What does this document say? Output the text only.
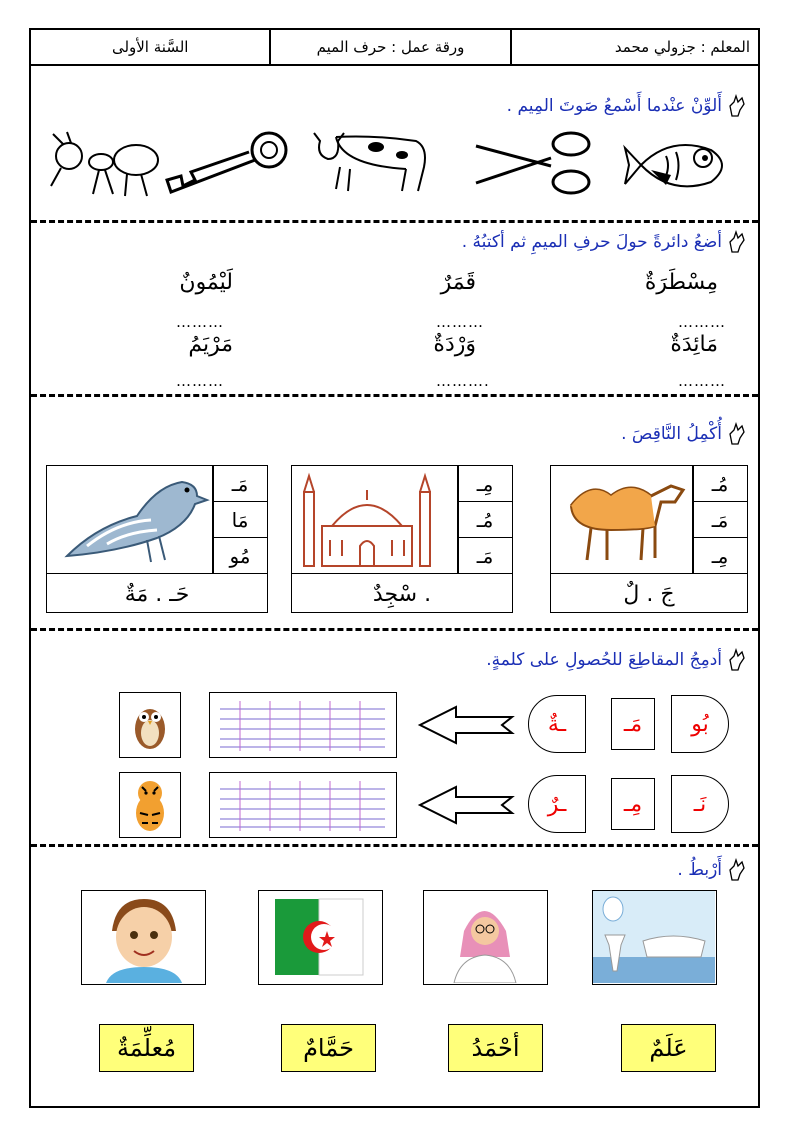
المعلم : جزولي محمد
ورقة عمل : حرف الميم
السَّنة الأولى
أَلوِّنْ عنْدما أَسْمعُ صَوتَ المِيم .
أضعُ دائرةً حولَ حرفِ الميمِ ثم أكتبُهُ .
مِسْطَرَةٌ
قَمَرٌ
لَيْمُونٌ
………
………
………
مَائِدَةٌ
وَرْدَةٌ
مَرْيَمُ
………
……….
………
أُكْمِلُ النَّاقِصَ .
مُـ
مَـ
مِـ
جَ . لٌ
مِـ
مُـ
مَـ
. سْجِدٌ
مَـ
مَا
مُو
حَـ . مَةٌ
أدمِجُ المقاطِعَ للحُصولِ على كلمةٍ.
بُو
مَـ
ـةٌ
نَـ
مِـ
ـرٌ
أَرْبطُ .
عَلَمٌ
أحْمَدُ
حَمَّامٌ
مُعلِّمَةٌ
